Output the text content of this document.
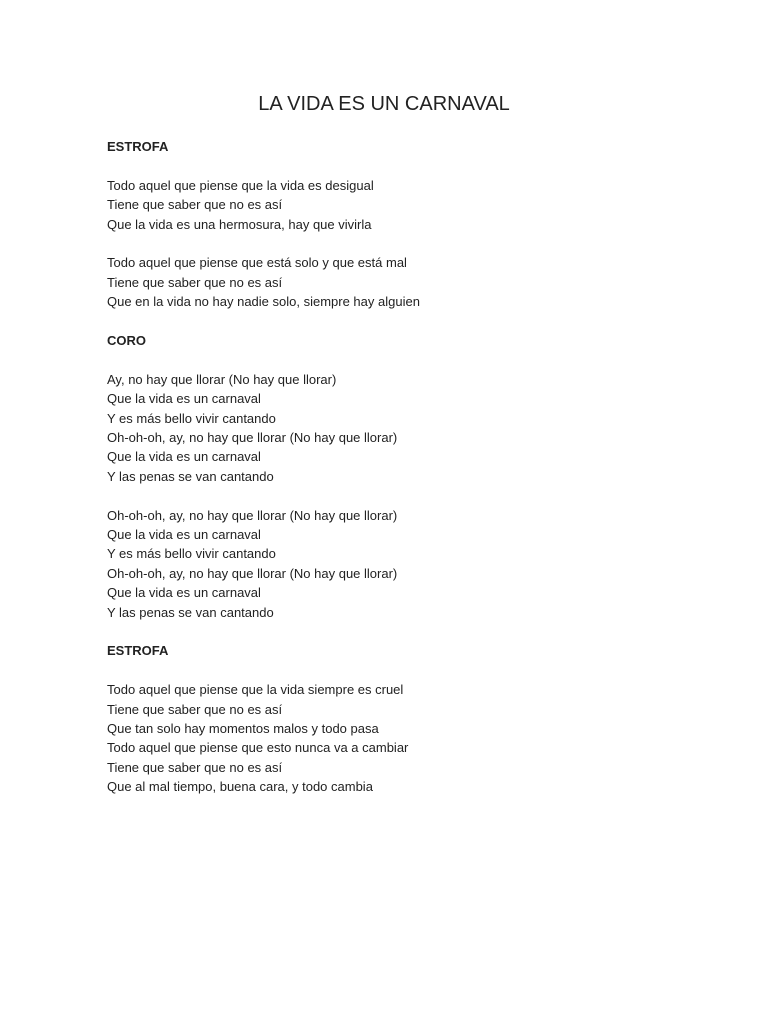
LA VIDA ES UN CARNAVAL
ESTROFA
Todo aquel que piense que la vida es desigual
Tiene que saber que no es así
Que la vida es una hermosura, hay que vivirla
Todo aquel que piense que está solo y que está mal
Tiene que saber que no es así
Que en la vida no hay nadie solo, siempre hay alguien
CORO
Ay, no hay que llorar (No hay que llorar)
Que la vida es un carnaval
Y es más bello vivir cantando
Oh-oh-oh, ay, no hay que llorar (No hay que llorar)
Que la vida es un carnaval
Y las penas se van cantando
Oh-oh-oh, ay, no hay que llorar (No hay que llorar)
Que la vida es un carnaval
Y es más bello vivir cantando
Oh-oh-oh, ay, no hay que llorar (No hay que llorar)
Que la vida es un carnaval
Y las penas se van cantando
ESTROFA
Todo aquel que piense que la vida siempre es cruel
Tiene que saber que no es así
Que tan solo hay momentos malos y todo pasa
Todo aquel que piense que esto nunca va a cambiar
Tiene que saber que no es así
Que al mal tiempo, buena cara, y todo cambia
